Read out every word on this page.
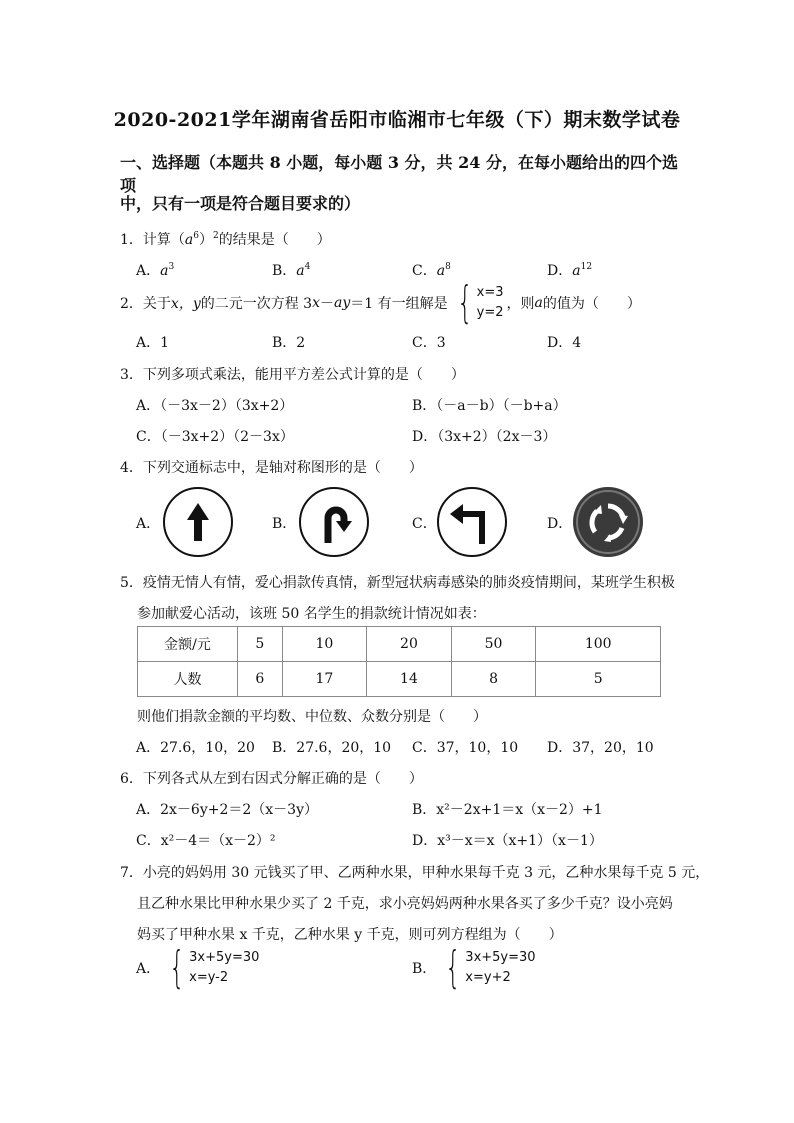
2020-2021学年湖南省岳阳市临湘市七年级（下）期末数学试卷
一、选择题（本题共 8 小题，每小题 3 分，共 24 分，在每小题给出的四个选项
中，只有一项是符合题目要求的）
1．计算$(a^6)^2$的结果是（　　）
A．$a^3$	B．$a^4$	C．$a^8$	D．$a^{12}$
2．关于 x，y 的二元一次方程 3 x － ay ＝1 有一组解是 { x=3
y=2
，则 a 的值为（　　）
A．1	B．2	C．3	D．4
3．下列多项式乘法，能用平方差公式计算的是（　　）
A．（－3x－2）（3x+2）	B．（－a－b）（－b+a）
C．（－3x+2）（2－3x）	D．（3x+2）（2x－3）
4．下列交通标志中，是轴对称图形的是（　　）
A．	B．	C．	D．
5．疫情无情人有情，爱心捐款传真情，新型冠状病毒感染的肺炎疫情期间，某班学生积极
参加献爱心活动，该班 50 名学生的捐款统计情况如表：
金额/元	5	10	20	50	100
人数	6	17	14	8	5
则他们捐款金额的平均数、中位数、众数分别是（　　）
A．27.6，10，20 B．27.6，20，10 C．37，10，10 D．37，20，10
6．下列各式从左到右因式分解正确的是（　　）
A．2x－6y+2＝2（x－3y）	B．x²－2x+1＝x（x－2）+1
C．x²－4＝（x－2）²	D．x³－x＝x（x+1）（x－1）
7．小亮的妈妈用 30 元钱买了甲、乙两种水果，甲种水果每千克 3 元，乙种水果每千克 5 元，
且乙种水果比甲种水果少买了 2 千克，求小亮妈妈两种水果各买了多少千克？设小亮妈
妈买了甲种水果 x 千克，乙种水果 y 千克，则可列方程组为（　　）
A． { 3x+5y=30
x=y-2
B． { 3x+5y=30
x=y+2
